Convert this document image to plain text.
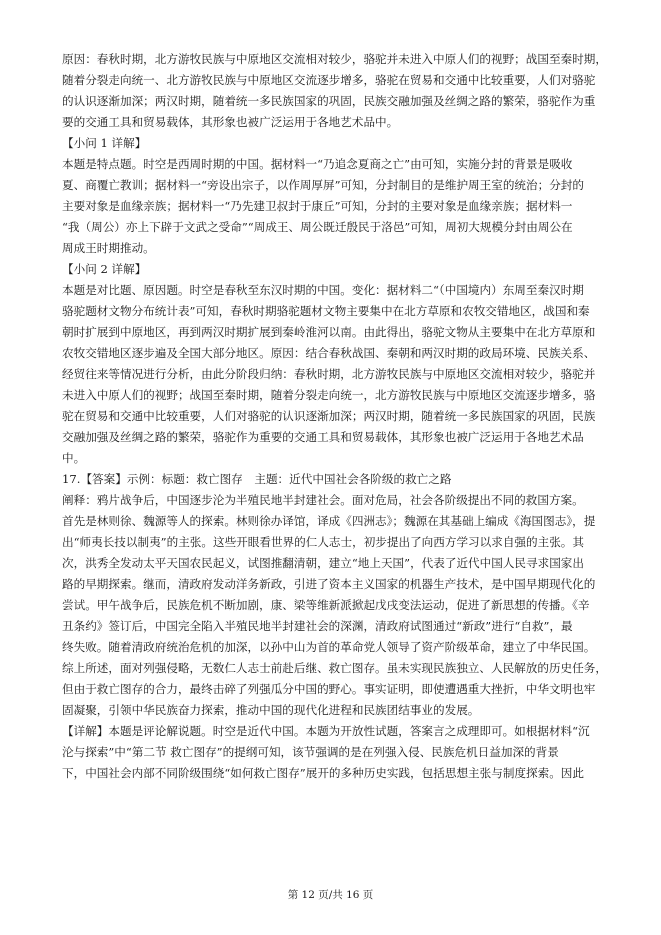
原因：春秋时期，北方游牧民族与中原地区交流相对较少，骆驼并未进入中原人们的视野；战国至秦时期，
随着分裂走向统一、北方游牧民族与中原地区交流逐步增多，骆驼在贸易和交通中比较重要，人们对骆驼
的认识逐渐加深；两汉时期，随着统一多民族国家的巩固，民族交融加强及丝绸之路的繁荣，骆驼作为重
要的交通工具和贸易载体，其形象也被广泛运用于各地艺术品中。
【小问 1 详解】
本题是特点题。时空是西周时期的中国。据材料一“乃追念夏商之亡”由可知，实施分封的背景是吸收
夏、商覆亡教训；据材料一“旁设出宗子，以作周厚屏”可知，分封制目的是维护周王室的统治；分封的
主要对象是血缘亲族；据材料一“乃先建卫叔封于康丘”可知，分封的主要对象是血缘亲族；据材料一
“我（周公）亦上下辟于文武之受命”“周成王、周公既迁殷民于洛邑”可知，周初大规模分封由周公在
周成王时期推动。
【小问 2 详解】
本题是对比题、原因题。时空是春秋至东汉时期的中国。变化：据材料二“（中国境内）东周至秦汉时期
骆驼题材文物分布统计表”可知，春秋时期骆驼题材文物主要集中在北方草原和农牧交错地区，战国和秦
朝时扩展到中原地区，再到两汉时期扩展到秦岭淮河以南。由此得出，骆驼文物从主要集中在北方草原和
农牧交错地区逐步遍及全国大部分地区。原因：结合春秋战国、秦朝和两汉时期的政局环境、民族关系、
经贸往来等情况进行分析，由此分阶段归纳：春秋时期，北方游牧民族与中原地区交流相对较少，骆驼并
未进入中原人们的视野；战国至秦时期，随着分裂走向统一，北方游牧民族与中原地区交流逐步增多，骆
驼在贸易和交通中比较重要，人们对骆驼的认识逐渐加深；两汉时期，随着统一多民族国家的巩固，民族
交融加强及丝绸之路的繁荣，骆驼作为重要的交通工具和贸易载体，其形象也被广泛运用于各地艺术品
中。
17.【答案】示例：标题：救亡图存　主题：近代中国社会各阶级的救亡之路
阐释：鸦片战争后，中国逐步沦为半殖民地半封建社会。面对危局，社会各阶级提出不同的救国方案。
首先是林则徐、魏源等人的探索。林则徐办译馆，译成《四洲志》；魏源在其基础上编成《海国图志》，提
出“师夷长技以制夷”的主张。这些开眼看世界的仁人志士，初步提出了向西方学习以求自强的主张。其
次，洪秀全发动太平天国农民起义，试图推翻清朝，建立“地上天国”，代表了近代中国人民寻求国家出
路的早期探索。继而，清政府发动洋务新政，引进了资本主义国家的机器生产技术，是中国早期现代化的
尝试。甲午战争后，民族危机不断加剧，康、梁等维新派掀起戊戌变法运动，促进了新思想的传播。《辛
丑条约》签订后，中国完全陷入半殖民地半封建社会的深渊，清政府试图通过“新政”进行“自救”，最
终失败。随着清政府统治危机的加深，以孙中山为首的革命党人领导了资产阶级革命，建立了中华民国。
综上所述，面对列强侵略，无数仁人志士前赴后继、救亡图存。虽未实现民族独立、人民解放的历史任务，
但由于救亡图存的合力，最终击碎了列强瓜分中国的野心。事实证明，即使遭遇重大挫折，中华文明也牢
固凝聚，引领中华民族奋力探索，推动中国的现代化进程和民族团结事业的发展。
【详解】本题是评论解说题。时空是近代中国。本题为开放性试题，答案言之成理即可。如根据材料“沉
沦与探索”中“第二节 救亡图存”的提纲可知，该节强调的是在列强入侵、民族危机日益加深的背景
下，中国社会内部不同阶级围绕“如何救亡图存”展开的多种历史实践，包括思想主张与制度探索。因此
第 12 页/共 16 页
